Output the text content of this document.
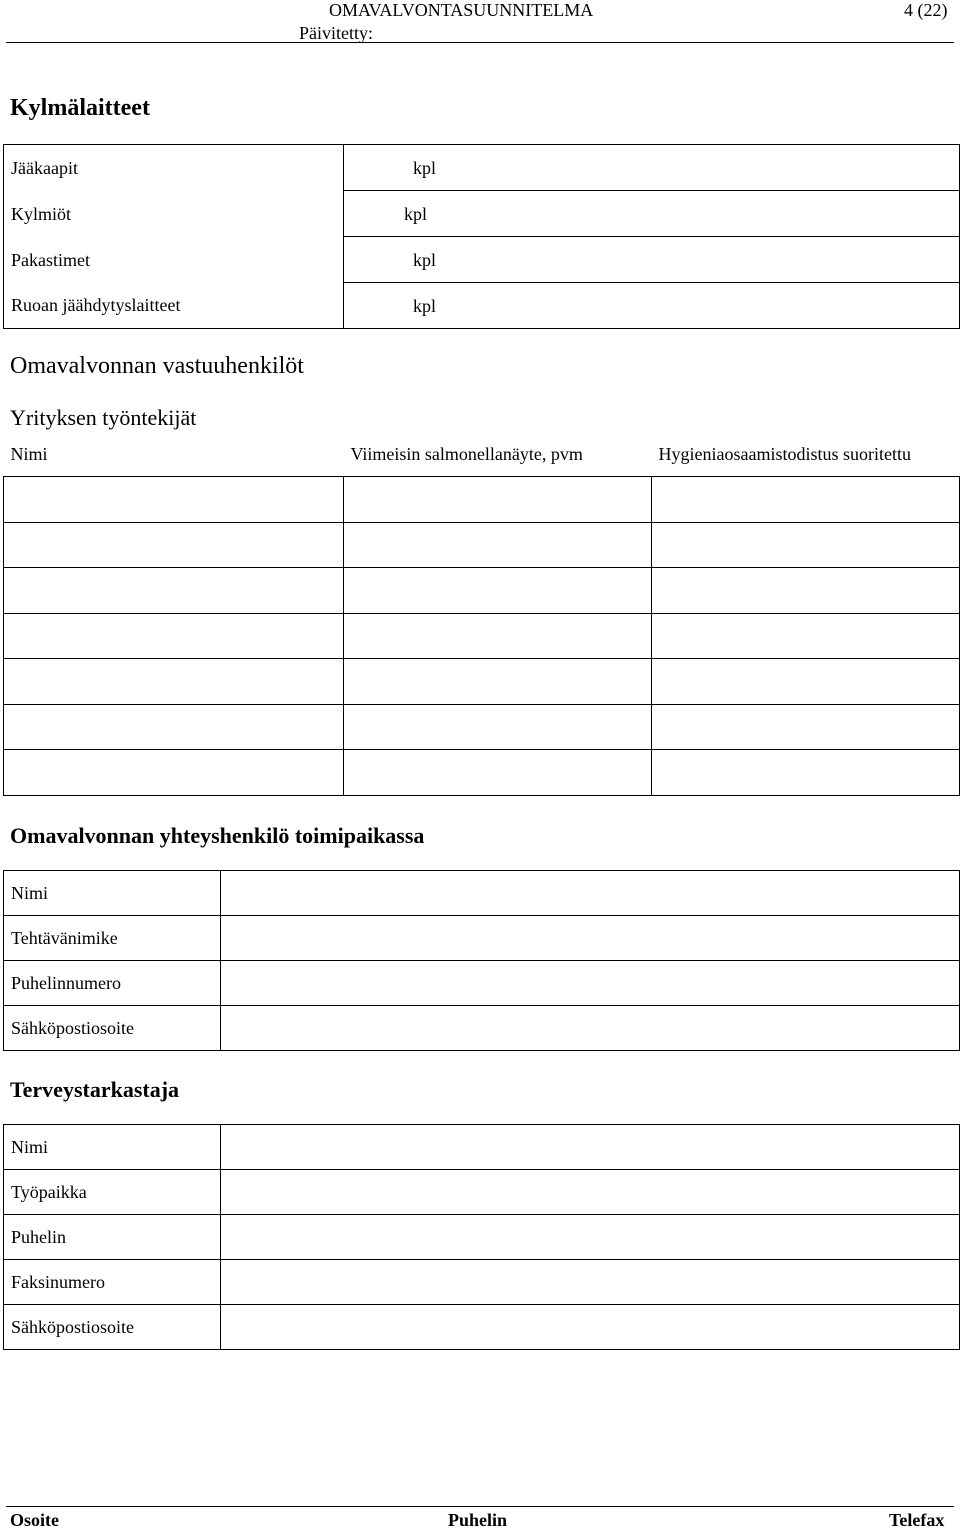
OMAVALVONTASUUNNITELMA	4 (22)
Päivitetty:
Kylmälaitteet
Jääkaapit	kpl
Kylmiöt	kpl
Pakastimet	kpl
Ruoan jäähdytyslaitteet	kpl
Omavalvonnan vastuuhenkilöt
Yrityksen työntekijät
Nimi	Viimeisin salmonellanäyte, pvm	Hygieniaosaamistodistus suoritettu

Omavalvonnan yhteyshenkilö toimipaikassa
Nimi	
Tehtävänimike	
Puhelinnumero	
Sähköpostiosoite	
Terveystarkastaja
Nimi	
Työpaikka	
Puhelin	
Faksinumero	
Sähköpostiosoite	
Osoite	Puhelin	Telefax
